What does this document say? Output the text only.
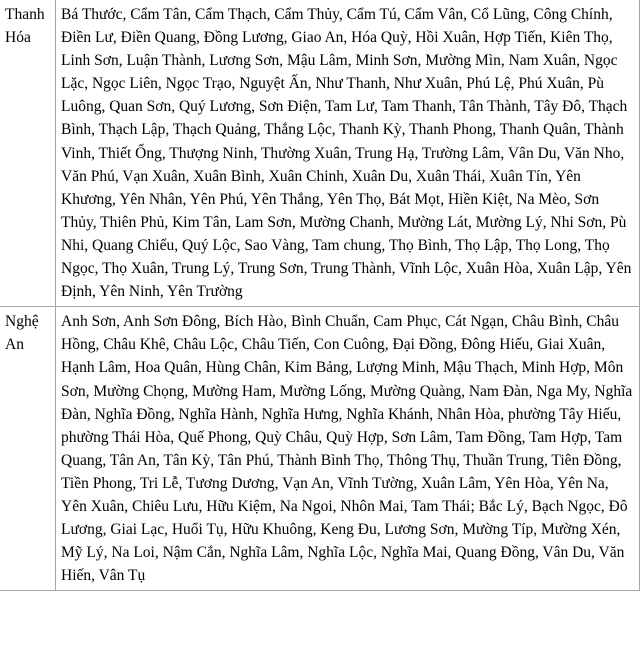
Thanh Hóa	Bá Thước, Cẩm Tân, Cẩm Thạch, Cẩm Thủy, Cẩm Tú, Cẩm Vân, Cổ Lũng, Công Chính, Điền Lư, Điền Quang, Đồng Lương, Giao An, Hóa Quỳ, Hồi Xuân, Hợp Tiến, Kiên Thọ, Linh Sơn, Luận Thành, Lương Sơn, Mậu Lâm, Minh Sơn, Mường Mìn, Nam Xuân, Ngọc Lặc, Ngọc Liên, Ngọc Trạo, Nguyệt Ấn, Như Thanh, Như Xuân, Phú Lệ, Phú Xuân, Pù Luông, Quan Sơn, Quý Lương, Sơn Điện, Tam Lư, Tam Thanh, Tân Thành, Tây Đô, Thạch Bình, Thạch Lập, Thạch Quảng, Thắng Lộc, Thanh Kỳ, Thanh Phong, Thanh Quân, Thành Vinh, Thiết Ống, Thượng Ninh, Thường Xuân, Trung Hạ, Trường Lâm, Vân Du, Văn Nho, Văn Phú, Vạn Xuân, Xuân Bình, Xuân Chinh, Xuân Du, Xuân Thái, Xuân Tín, Yên Khương, Yên Nhân, Yên Phú, Yên Thắng, Yên Thọ, Bát Mọt, Hiền Kiệt, Na Mèo, Sơn Thủy, Thiên Phủ, Kim Tân, Lam Sơn, Mường Chanh, Mường Lát, Mường Lý, Nhi Sơn, Pù Nhi, Quang Chiểu, Quý Lộc, Sao Vàng, Tam chung, Thọ Bình, Thọ Lập, Thọ Long, Thọ Ngọc, Thọ Xuân, Trung Lý, Trung Sơn, Trung Thành, Vĩnh Lộc, Xuân Hòa, Xuân Lập, Yên Định, Yên Ninh, Yên Trường
Nghệ An	Anh Sơn, Anh Sơn Đông, Bích Hào, Bình Chuẩn, Cam Phục, Cát Ngạn, Châu Bình, Châu Hồng, Châu Khê, Châu Lộc, Châu Tiến, Con Cuông, Đại Đồng, Đông Hiếu, Giai Xuân, Hạnh Lâm, Hoa Quân, Hùng Chân, Kim Bảng, Lượng Minh, Mậu Thạch, Minh Hợp, Môn Sơn, Mường Chọng, Mường Ham, Mường Lống, Mường Quàng, Nam Đàn, Nga My, Nghĩa Đàn, Nghĩa Đồng, Nghĩa Hành, Nghĩa Hưng, Nghĩa Khánh, Nhân Hòa, phường Tây Hiếu, phường Thái Hòa, Quế Phong, Quỳ Châu, Quỳ Hợp, Sơn Lâm, Tam Đồng, Tam Hợp, Tam Quang, Tân An, Tân Kỳ, Tân Phú, Thành Bình Thọ, Thông Thụ, Thuần Trung, Tiên Đồng, Tiền Phong, Tri Lễ, Tương Dương, Vạn An, Vĩnh Tường, Xuân Lâm, Yên Hòa, Yên Na, Yên Xuân, Chiêu Lưu, Hữu Kiệm, Na Ngoi, Nhôn Mai, Tam Thái; Bắc Lý, Bạch Ngọc, Đô Lương, Giai Lạc, Huổi Tụ, Hữu Khuông, Keng Đu, Lương Sơn, Mường Típ, Mường Xén, Mỹ Lý, Na Loi, Nậm Cắn, Nghĩa Lâm, Nghĩa Lộc, Nghĩa Mai, Quang Đồng, Vân Du, Văn Hiến, Vân Tụ
